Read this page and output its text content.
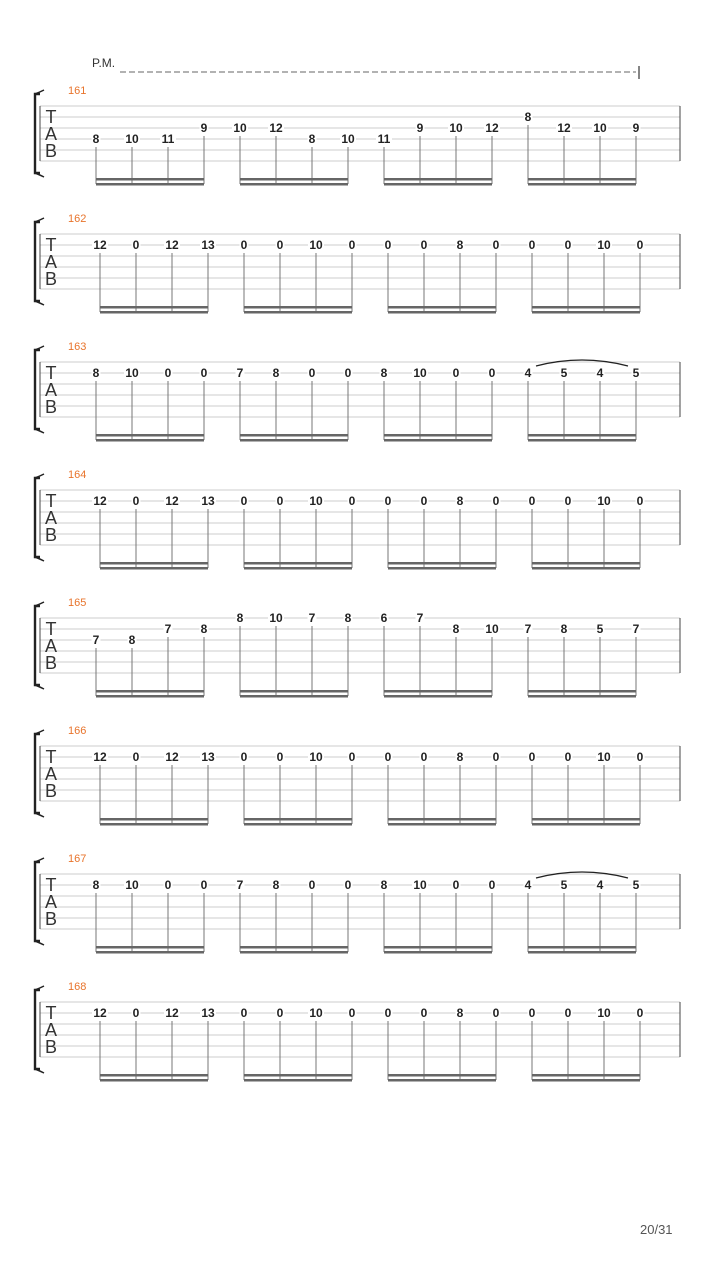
P.M.
T
A
B
161
8 10 11
9 10 12
8 10 11
9 10 12
8
12 10 9
T
A
B
162
12 0 12 13 0 0 10 0 0 0 8 0 0 0 10 0
T
A
B
163
8 10 0 0 7 8 0 0 8 10 0 0 4 5 4 5
T
A
B
164
12 0 12 13 0 0 10 0 0 0 8 0 0 0 10 0
T
A
B
165
7 8
7 8
8 10 7 8 6 7
8 10 7 8 5 7
T
A
B
166
12 0 12 13 0 0 10 0 0 0 8 0 0 0 10 0
T
A
B
167
8 10 0 0 7 8 0 0 8 10 0 0 4 5 4 5
T
A
B
168
12 0 12 13 0 0 10 0 0 0 8 0 0 0 10 0
20/31
